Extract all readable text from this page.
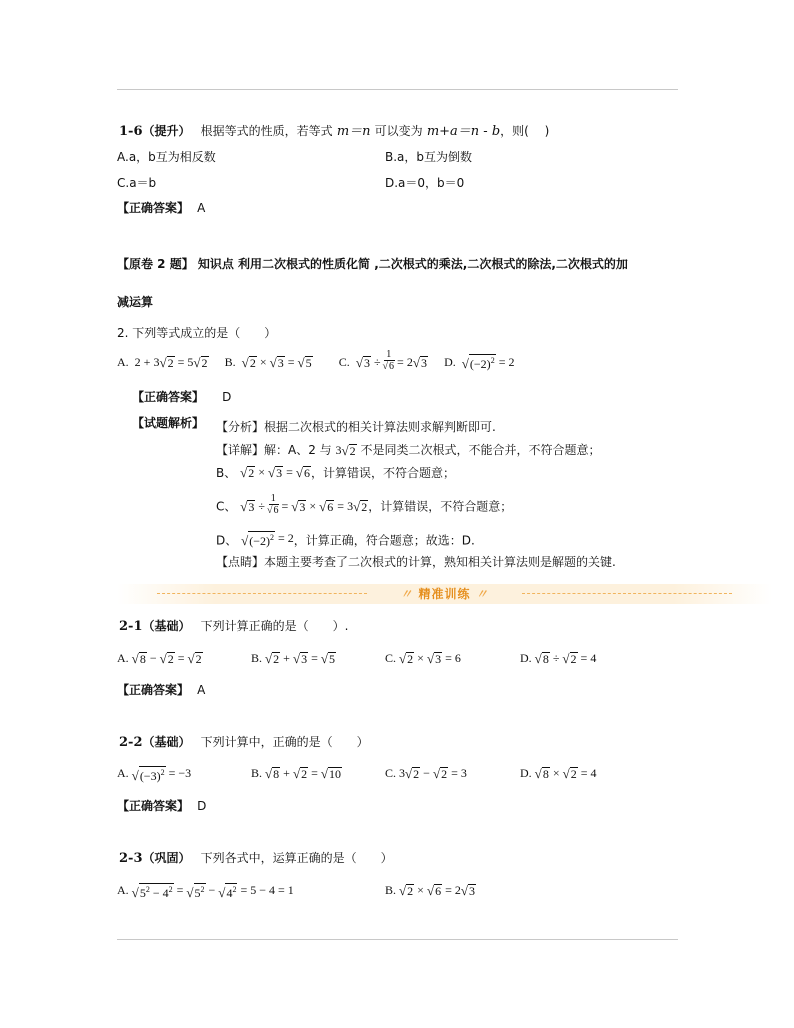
1-6（提升） 根据等式的性质，若等式 m＝n 可以变为 m+a＝n - b，则(　 )
A.a，b互为相反数	B.a，b互为倒数
C.a＝b	D.a＝0，b＝0
【正确答案】 A
【原卷 2 题】 知识点 利用二次根式的性质化简 ,二次根式的乘法,二次根式的除法,二次根式的加
减运算
2. 下列等式成立的是（　　）
A. 2 + 3 √ 2 = 5 √ 2
B.
√ 2 × √ 3 = √ 5
C.
√ 3 ÷ 1
√6 = 2 √ 3
D.
√ $(-2)^2 = 2$
【正确答案】 D
【试题解析】 【分析】根据二次根式的相关计算法则求解判断即可.
【详解】解：A、2 与 3 √ 2 不是同类二次根式，不能合并，不符合题意；
B、 √ 2 × √ 3 = √ 6 ，计算错误，不符合题意；
C、 √ 3 ÷ 1
√6 = √ 3 × √ 6 = 3 √ 2 ，计算错误，不符合题意；
D、 √ $(-2)^2 = 2$，计算正确，符合题意；故选：D.
【点睛】本题主要考查了二次根式的计算，熟知相关计算法则是解题的关键.
〃 精准训练 〃
2-1（基础） 下列计算正确的是（　　）.
A.
√ 8 − √ 2 = √ 2	B.
√ 2 + √ 3 = √ 5	C.
√ 2 × √ 3 = 6	D.
√ 8 ÷ √ 2 = 4
【正确答案】 A
2-2（基础） 下列计算中，正确的是（　　）
A.
√ $(-3)^2 = -3$	B.
√ 8 + √ 2 = √ 10	C. 3 √ 2 − √ 2 = 3	D.
√ 8 × √ 2 = 4
【正确答案】 D
2-3（巩固） 下列各式中，运算正确的是（　　）
A.
√ $5^2 - 4^2$ = √ $5^2$ − √ $4^2 = 5 - 4 = 1$	B.
√ 2 × √ 6 = 2 √ 3
